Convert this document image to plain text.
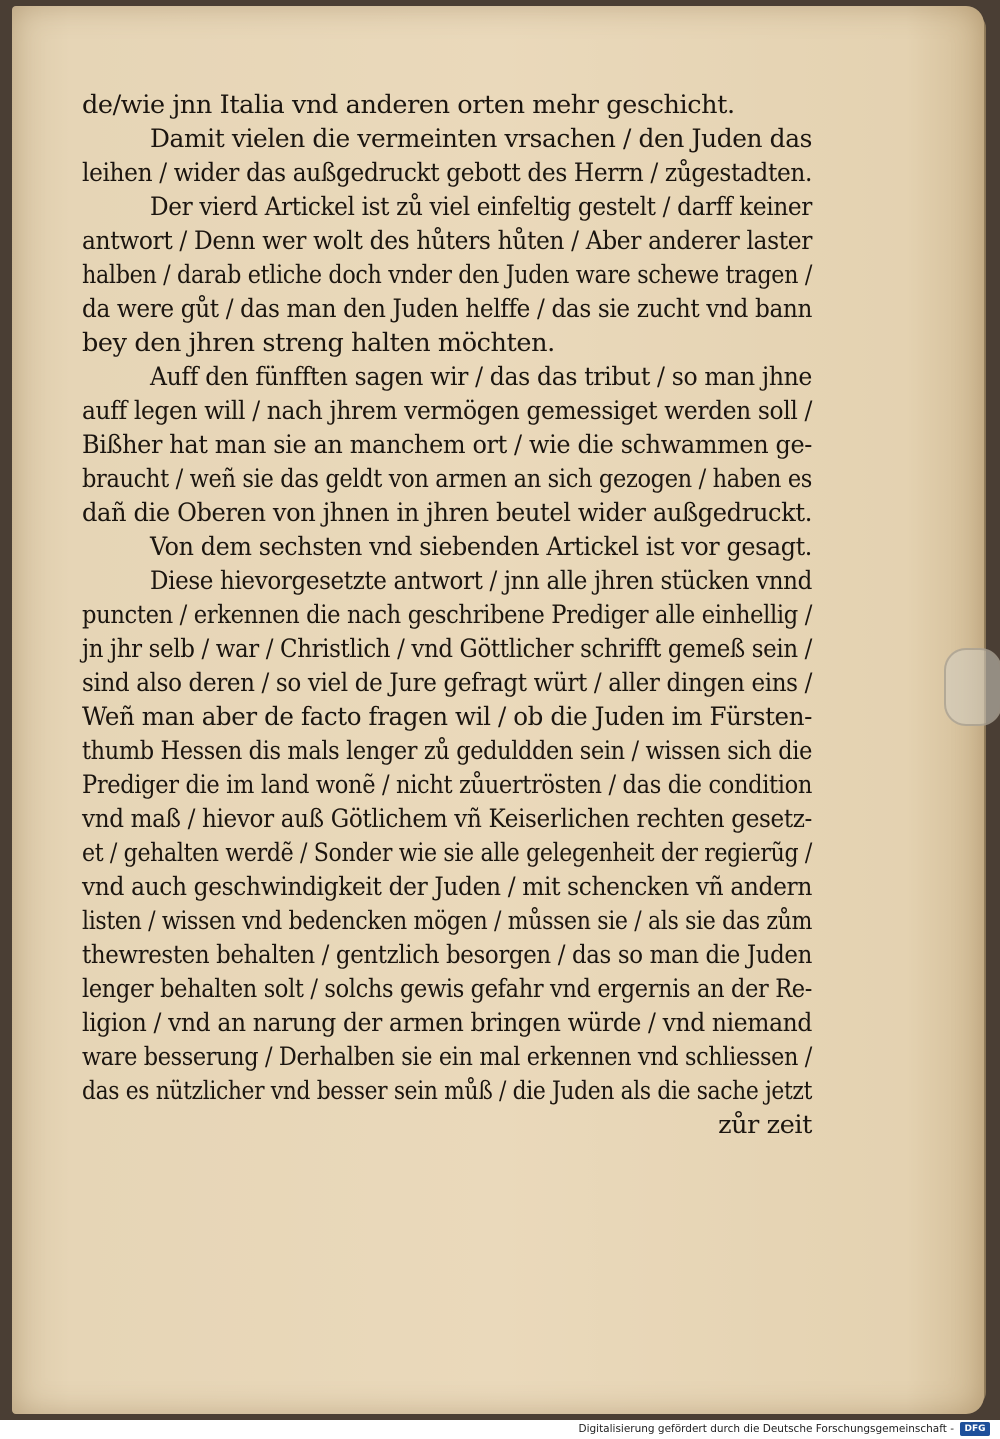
de/wie jnn Italia vnd anderen orten mehr geschicht.
Damit vielen die vermeinten vrsachen / den Juden das
leihen / wider das außgedruckt gebott des Herrn / zůgestadten.
Der vierd Artickel ist zů viel einfeltig gestelt / darff keiner
antwort / Denn wer wolt des hůters hůten / Aber anderer laster
halben / darab etliche doch vnder den Juden ware schewe tragen /
da were gůt / das man den Juden helffe / das sie zucht vnd bann
bey den jhren streng halten möchten.
Auff den fünfften sagen wir / das das tribut / so man jhne
auff legen will / nach jhrem vermögen gemessiget werden soll /
Bißher hat man sie an manchem ort / wie die schwammen ge-
braucht / weñ sie das geldt von armen an sich gezogen / haben es
dañ die Oberen von jhnen in jhren beutel wider außgedruckt.
Von dem sechsten vnd siebenden Artickel ist vor gesagt.
Diese hievorgesetzte antwort / jnn alle jhren stücken vnnd
puncten / erkennen die nach geschribene Prediger alle einhellig /
jn jhr selb / war / Christlich / vnd Göttlicher schrifft gemeß sein /
sind also deren / so viel de Jure gefragt würt / aller dingen eins /
Weñ man aber de facto fragen wil / ob die Juden im Fürsten-
thumb Hessen dis mals lenger zů geduldden sein / wissen sich die
Prediger die im land wonẽ / nicht zůuertrösten / das die condition
vnd maß / hievor auß Götlichem vñ Keiserlichen rechten gesetz-
et / gehalten werdẽ / Sonder wie sie alle gelegenheit der regierũg /
vnd auch geschwindigkeit der Juden / mit schencken vñ andern
listen / wissen vnd bedencken mögen / můssen sie / als sie das zům
thewresten behalten / gentzlich besorgen / das so man die Juden
lenger behalten solt / solchs gewis gefahr vnd ergernis an der Re-
ligion / vnd an narung der armen bringen würde / vnd niemand
ware besserung / Derhalben sie ein mal erkennen vnd schliessen /
das es nützlicher vnd besser sein můß / die Juden als die sache jetzt
zůr zeit
Digitalisierung gefördert durch die Deutsche Forschungsgemeinschaft -	DFG
